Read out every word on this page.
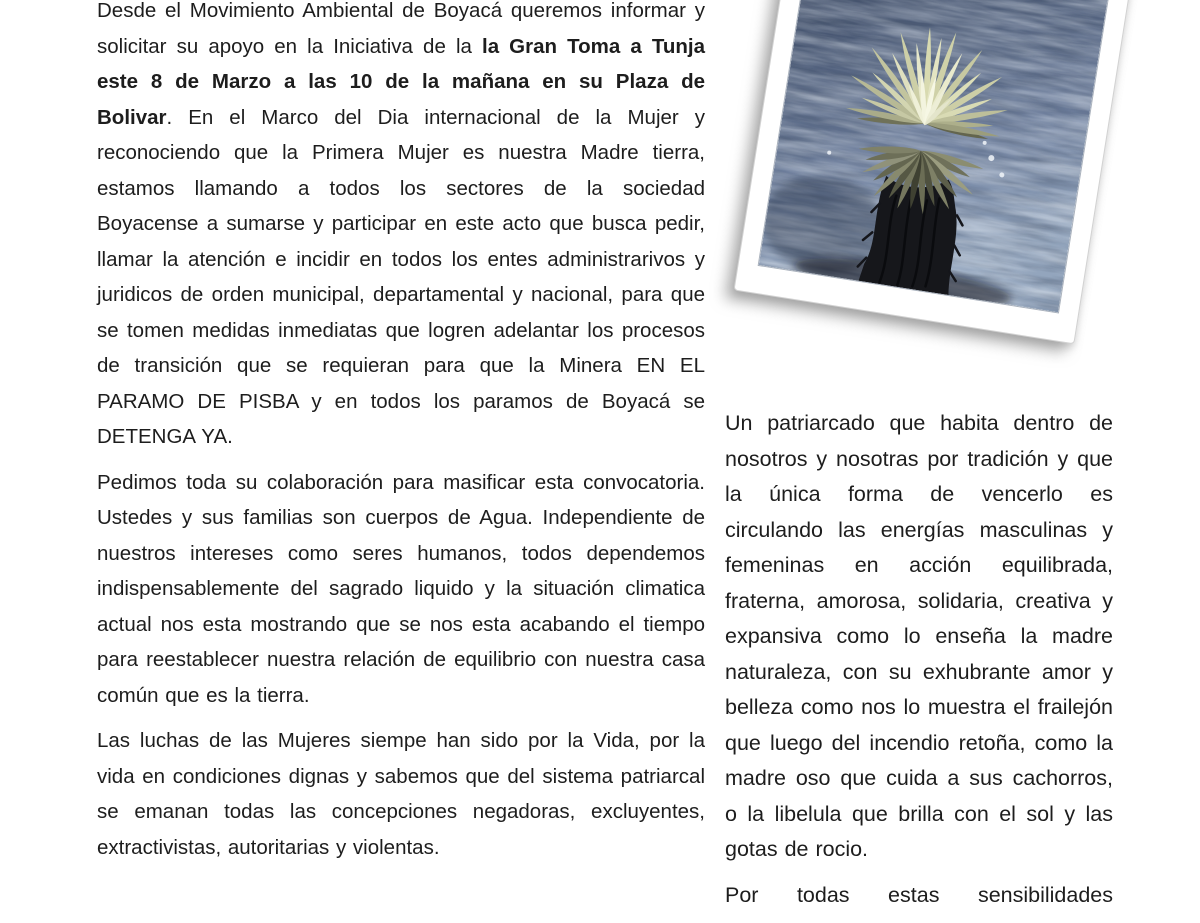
Desde el Movimiento Ambiental de Boyacá queremos informar y solicitar su apoyo en la Iniciativa de la la Gran Toma a Tunja este 8 de Marzo a las 10 de la mañana en su Plaza de Bolivar. En el Marco del Dia internacional de la Mujer y reconociendo que la Primera Mujer es nuestra Madre tierra, estamos llamando a todos los sectores de la sociedad Boyacense a sumarse y participar en este acto que busca pedir, llamar la atención e incidir en todos los entes administrarivos y juridicos de orden municipal, departamental y nacional, para que se tomen medidas inmediatas que logren adelantar los procesos de transición que se requieran para que la Minera EN EL PARAMO DE PISBA y en todos los paramos de Boyacá se DETENGA YA.

Pedimos toda su colaboración para masificar esta convocatoria. Ustedes y sus familias son cuerpos de Agua. Independiente de nuestros intereses como seres humanos, todos dependemos indispensablemente del sagrado liquido y la situación climatica actual nos esta mostrando que se nos esta acabando el tiempo para reestablecer nuestra relación de equilibrio con nuestra casa común que es la tierra.

Las luchas de las Mujeres siempe han sido por la Vida, por la vida en condiciones dignas y sabemos que del sistema patriarcal se emanan todas las concepciones negadoras, excluyentes, extractivistas, autoritarias y violentas.

Un patriarcado que habita dentro de nosotros y nosotras por tradición y que la única forma de vencerlo es circulando las energías masculinas y femeninas en acción equilibrada, fraterna, amorosa, solidaria, creativa y expansiva como lo enseña la madre naturaleza, con su exhubrante amor y belleza como nos lo muestra el frailejón que luego del incendio retoña, como la madre oso que cuida a sus cachorros, o la libelula que brilla con el sol y las gotas de rocio.

Por todas estas sensibilidades
